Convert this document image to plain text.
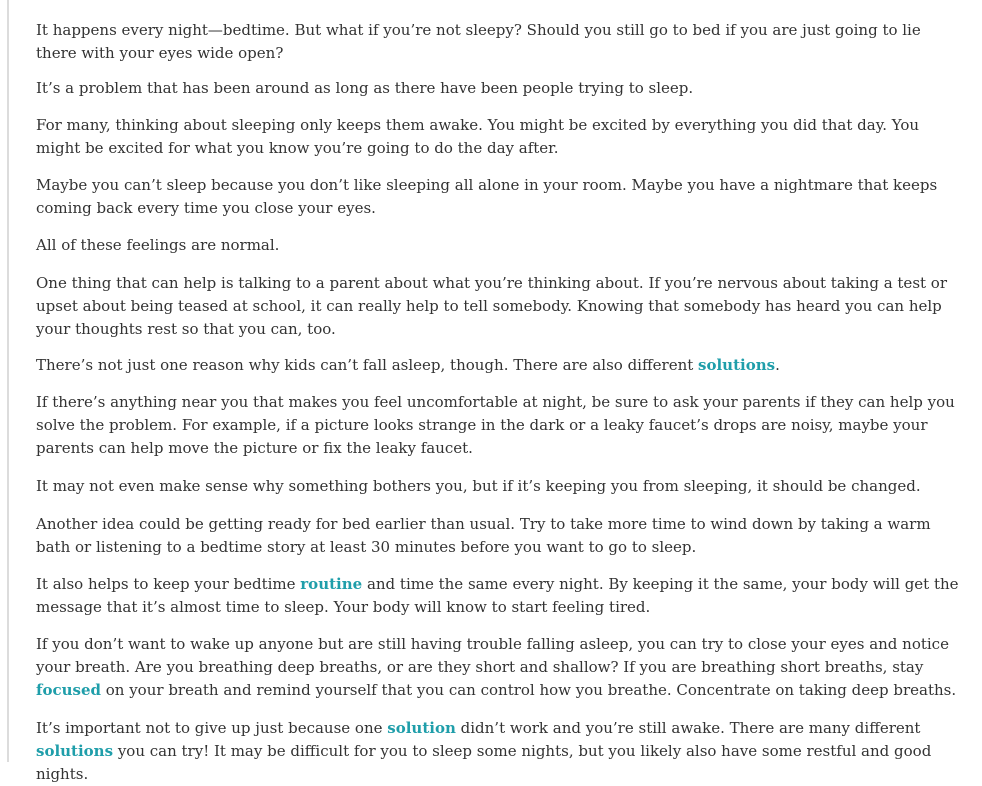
It happens every night—bedtime. But what if you’re not sleepy? Should you still go to bed if you are just going to lie there with your eyes wide open?

It’s a problem that has been around as long as there have been people trying to sleep.

For many, thinking about sleeping only keeps them awake. You might be excited by everything you did that day. You might be excited for what you know you’re going to do the day after.

Maybe you can’t sleep because you don’t like sleeping all alone in your room. Maybe you have a nightmare that keeps coming back every time you close your eyes.

All of these feelings are normal.

One thing that can help is talking to a parent about what you’re thinking about. If you’re nervous about taking a test or upset about being teased at school, it can really help to tell somebody. Knowing that somebody has heard you can help your thoughts rest so that you can, too.

There’s not just one reason why kids can’t fall asleep, though. There are also different solutions.

If there’s anything near you that makes you feel uncomfortable at night, be sure to ask your parents if they can help you solve the problem. For example, if a picture looks strange in the dark or a leaky faucet’s drops are noisy, maybe your parents can help move the picture or fix the leaky faucet.

It may not even make sense why something bothers you, but if it’s keeping you from sleeping, it should be changed.

Another idea could be getting ready for bed earlier than usual. Try to take more time to wind down by taking a warm bath or listening to a bedtime story at least 30 minutes before you want to go to sleep.

It also helps to keep your bedtime routine and time the same every night. By keeping it the same, your body will get the message that it’s almost time to sleep. Your body will know to start feeling tired.

If you don’t want to wake up anyone but are still having trouble falling asleep, you can try to close your eyes and notice your breath. Are you breathing deep breaths, or are they short and shallow? If you are breathing short breaths, stay focused on your breath and remind yourself that you can control how you breathe. Concentrate on taking deep breaths.

It’s important not to give up just because one solution didn’t work and you’re still awake. There are many different solutions you can try! It may be difficult for you to sleep some nights, but you likely also have some restful and good nights.
